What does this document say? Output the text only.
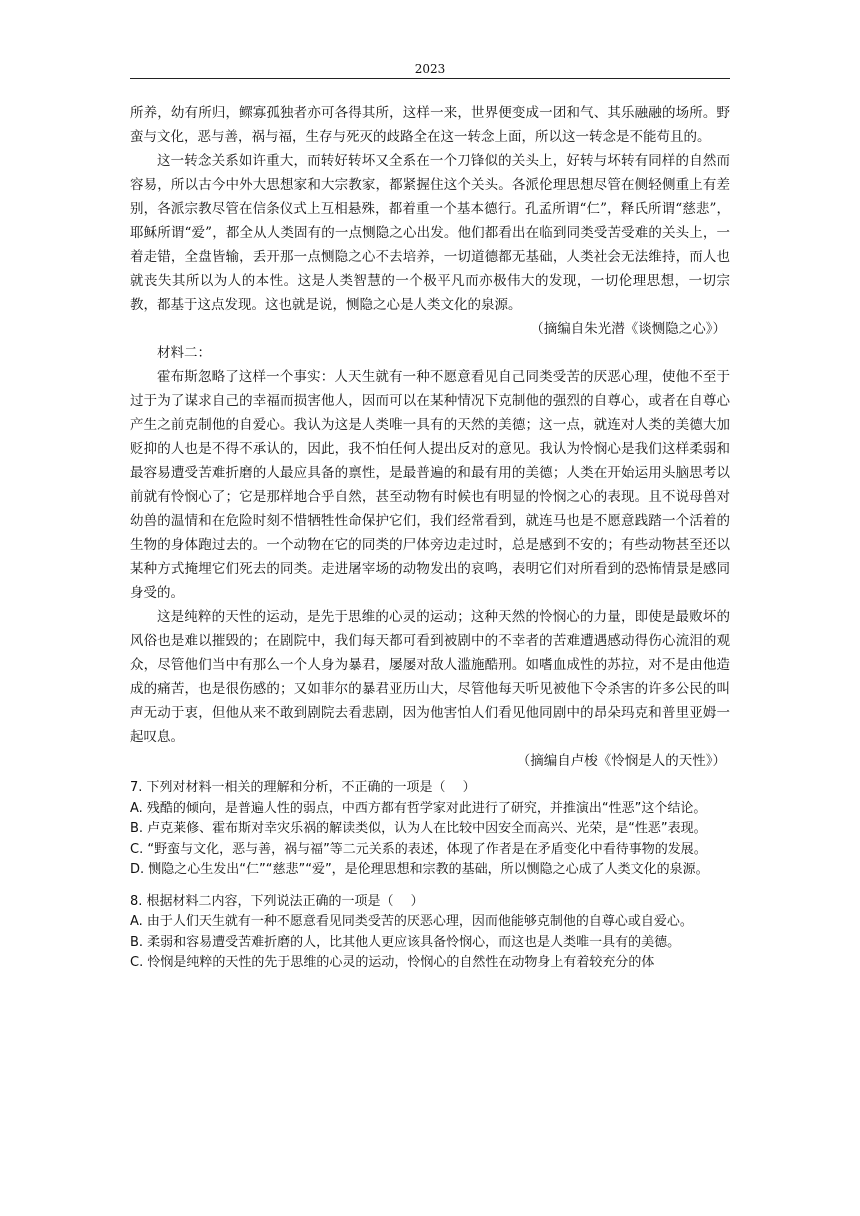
2023

所养，幼有所归，鳏寡孤独者亦可各得其所，这样一来，世界便变成一团和气、其乐融融的场所。野蛮与文化，恶与善，祸与福，生存与死灭的歧路全在这一转念上面，所以这一转念是不能苟且的。

这一转念关系如许重大，而转好转坏又全系在一个刀锋似的关头上，好转与坏转有同样的自然而容易，所以古今中外大思想家和大宗教家，都紧握住这个关头。各派伦理思想尽管在侧轻侧重上有差别，各派宗教尽管在信条仪式上互相悬殊，都着重一个基本德行。孔孟所谓“仁”，释氏所谓“慈悲”，耶稣所谓“爱”，都全从人类固有的一点恻隐之心出发。他们都看出在临到同类受苦受难的关头上，一着走错，全盘皆输，丢开那一点恻隐之心不去培养，一切道德都无基础，人类社会无法维持，而人也就丧失其所以为人的本性。这是人类智慧的一个极平凡而亦极伟大的发现，一切伦理思想，一切宗教，都基于这点发现。这也就是说，恻隐之心是人类文化的泉源。

（摘编自朱光潜《谈恻隐之心》）

材料二：

霍布斯忽略了这样一个事实：人天生就有一种不愿意看见自己同类受苦的厌恶心理，使他不至于过于为了谋求自己的幸福而损害他人，因而可以在某种情况下克制他的强烈的自尊心，或者在自尊心产生之前克制他的自爱心。我认为这是人类唯一具有的天然的美德；这一点，就连对人类的美德大加贬抑的人也是不得不承认的，因此，我不怕任何人提出反对的意见。我认为怜悯心是我们这样柔弱和最容易遭受苦难折磨的人最应具备的禀性，是最普遍的和最有用的美德；人类在开始运用头脑思考以前就有怜悯心了；它是那样地合乎自然，甚至动物有时候也有明显的怜悯之心的表现。且不说母兽对幼兽的温情和在危险时刻不惜牺牲性命保护它们，我们经常看到，就连马也是不愿意践踏一个活着的生物的身体跑过去的。一个动物在它的同类的尸体旁边走过时，总是感到不安的；有些动物甚至还以某种方式掩埋它们死去的同类。走进屠宰场的动物发出的哀鸣，表明它们对所看到的恐怖情景是感同身受的。

这是纯粹的天性的运动，是先于思维的心灵的运动；这种天然的怜悯心的力量，即使是最败坏的风俗也是难以摧毁的；在剧院中，我们每天都可看到被剧中的不幸者的苦难遭遇感动得伤心流泪的观众，尽管他们当中有那么一个人身为暴君，屡屡对敌人滥施酷刑。如嗜血成性的苏拉，对不是由他造成的痛苦，也是很伤感的；又如菲尔的暴君亚历山大，尽管他每天听见被他下令杀害的许多公民的叫声无动于衷，但他从来不敢到剧院去看悲剧，因为他害怕人们看见他同剧中的昂朵玛克和普里亚姆一起叹息。

（摘编自卢梭《怜悯是人的天性》）

7. 下列对材料一相关的理解和分析，不正确的一项是（　 ）

A. 残酷的倾向，是普遍人性的弱点，中西方都有哲学家对此进行了研究，并推演出“性恶”这个结论。

B. 卢克莱修、霍布斯对幸灾乐祸的解读类似，认为人在比较中因安全而高兴、光荣，是“性恶”表现。

C. “野蛮与文化，恶与善，祸与福”等二元关系的表述，体现了作者是在矛盾变化中看待事物的发展。

D. 恻隐之心生发出“仁”“慈悲”“爱”，是伦理思想和宗教的基础，所以恻隐之心成了人类文化的泉源。

8. 根据材料二内容，下列说法正确的一项是（　 ）

A. 由于人们天生就有一种不愿意看见同类受苦的厌恶心理，因而他能够克制他的自尊心或自爱心。

B. 柔弱和容易遭受苦难折磨的人，比其他人更应该具备怜悯心，而这也是人类唯一具有的美德。

C. 怜悯是纯粹的天性的先于思维的心灵的运动，怜悯心的自然性在动物身上有着较充分的体
